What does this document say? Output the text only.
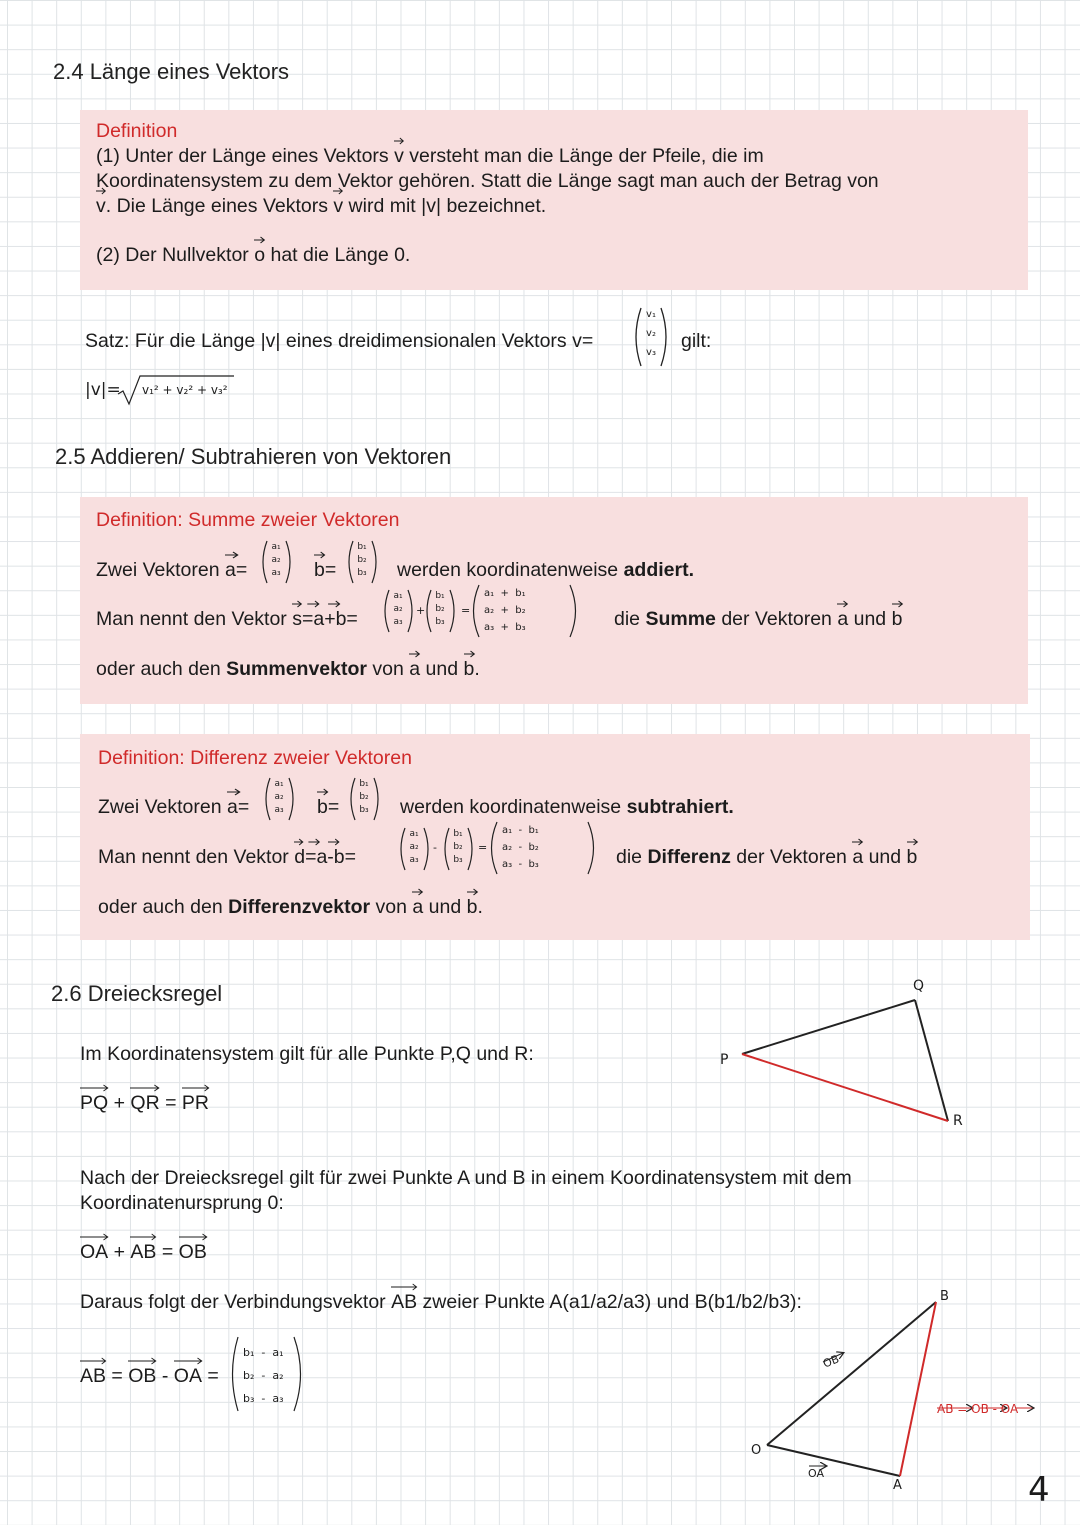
2.4 Länge eines Vektors
Definition
(1) Unter der Länge eines Vektors v
versteht man die Länge der Pfeile, die im
Koordinatensystem zu dem Vektor gehören. Statt die Länge sagt man auch der Betrag von
v
. Die Länge eines Vektors v
wird mit |v| bezeichnet.
(2) Der Nullvektor o
hat die Länge 0.
Satz: Für die Länge |v| eines dreidimensionalen Vektors v=
v₁
v₂
v₃
gilt:
|v|= v₁² + v₂² + v₃²
2.5 Addieren/ Subtrahieren von Vektoren
Definition: Summe zweier Vektoren
Zwei Vektoren a=
a₁
a₂
a₃ b=
b₁
b₂
b₃ werden koordinatenweise addiert.
Man nennt den Vektor s=a+b=
a₁
a₂
a₃
+
b₁
b₂
b₃
=
a₁  +  b₁
a₂  +  b₂
a₃  +  b₃	die Summe der Vektoren a
und b
oder auch den Summenvektor von a
und b
.
Definition: Differenz zweier Vektoren
Zwei Vektoren a=
a₁
a₂
a₃ b=
b₁
b₂
b₃ werden koordinatenweise subtrahiert.
Man nennt den Vektor d=a-b=
a₁
a₂
a₃
-
b₁
b₂
b₃
=
a₁  -  b₁
a₂  -  b₂
a₃  -  b₃	die Differenz der Vektoren a
und b
oder auch den Differenzvektor von a
und b
.
2.6 Dreiecksregel
Im Koordinatensystem gilt für alle Punkte P,Q und R:
PQ
+ QR
= PR
P
Q
R
Nach der Dreiecksregel gilt für zwei Punkte A und B in einem Koordinatensystem mit dem
Koordinatenursprung 0:
OA
+ AB
= OB
Daraus folgt der Verbindungsvektor AB
zweier Punkte A(a1/a2/a3) und B(b1/b2/b3):
AB
= OB
- OA
=
b₁  -  a₁
b₂  -  a₂
b₃  -  a₃
O
A
B
OB
OA
AB = OB - OA
4
